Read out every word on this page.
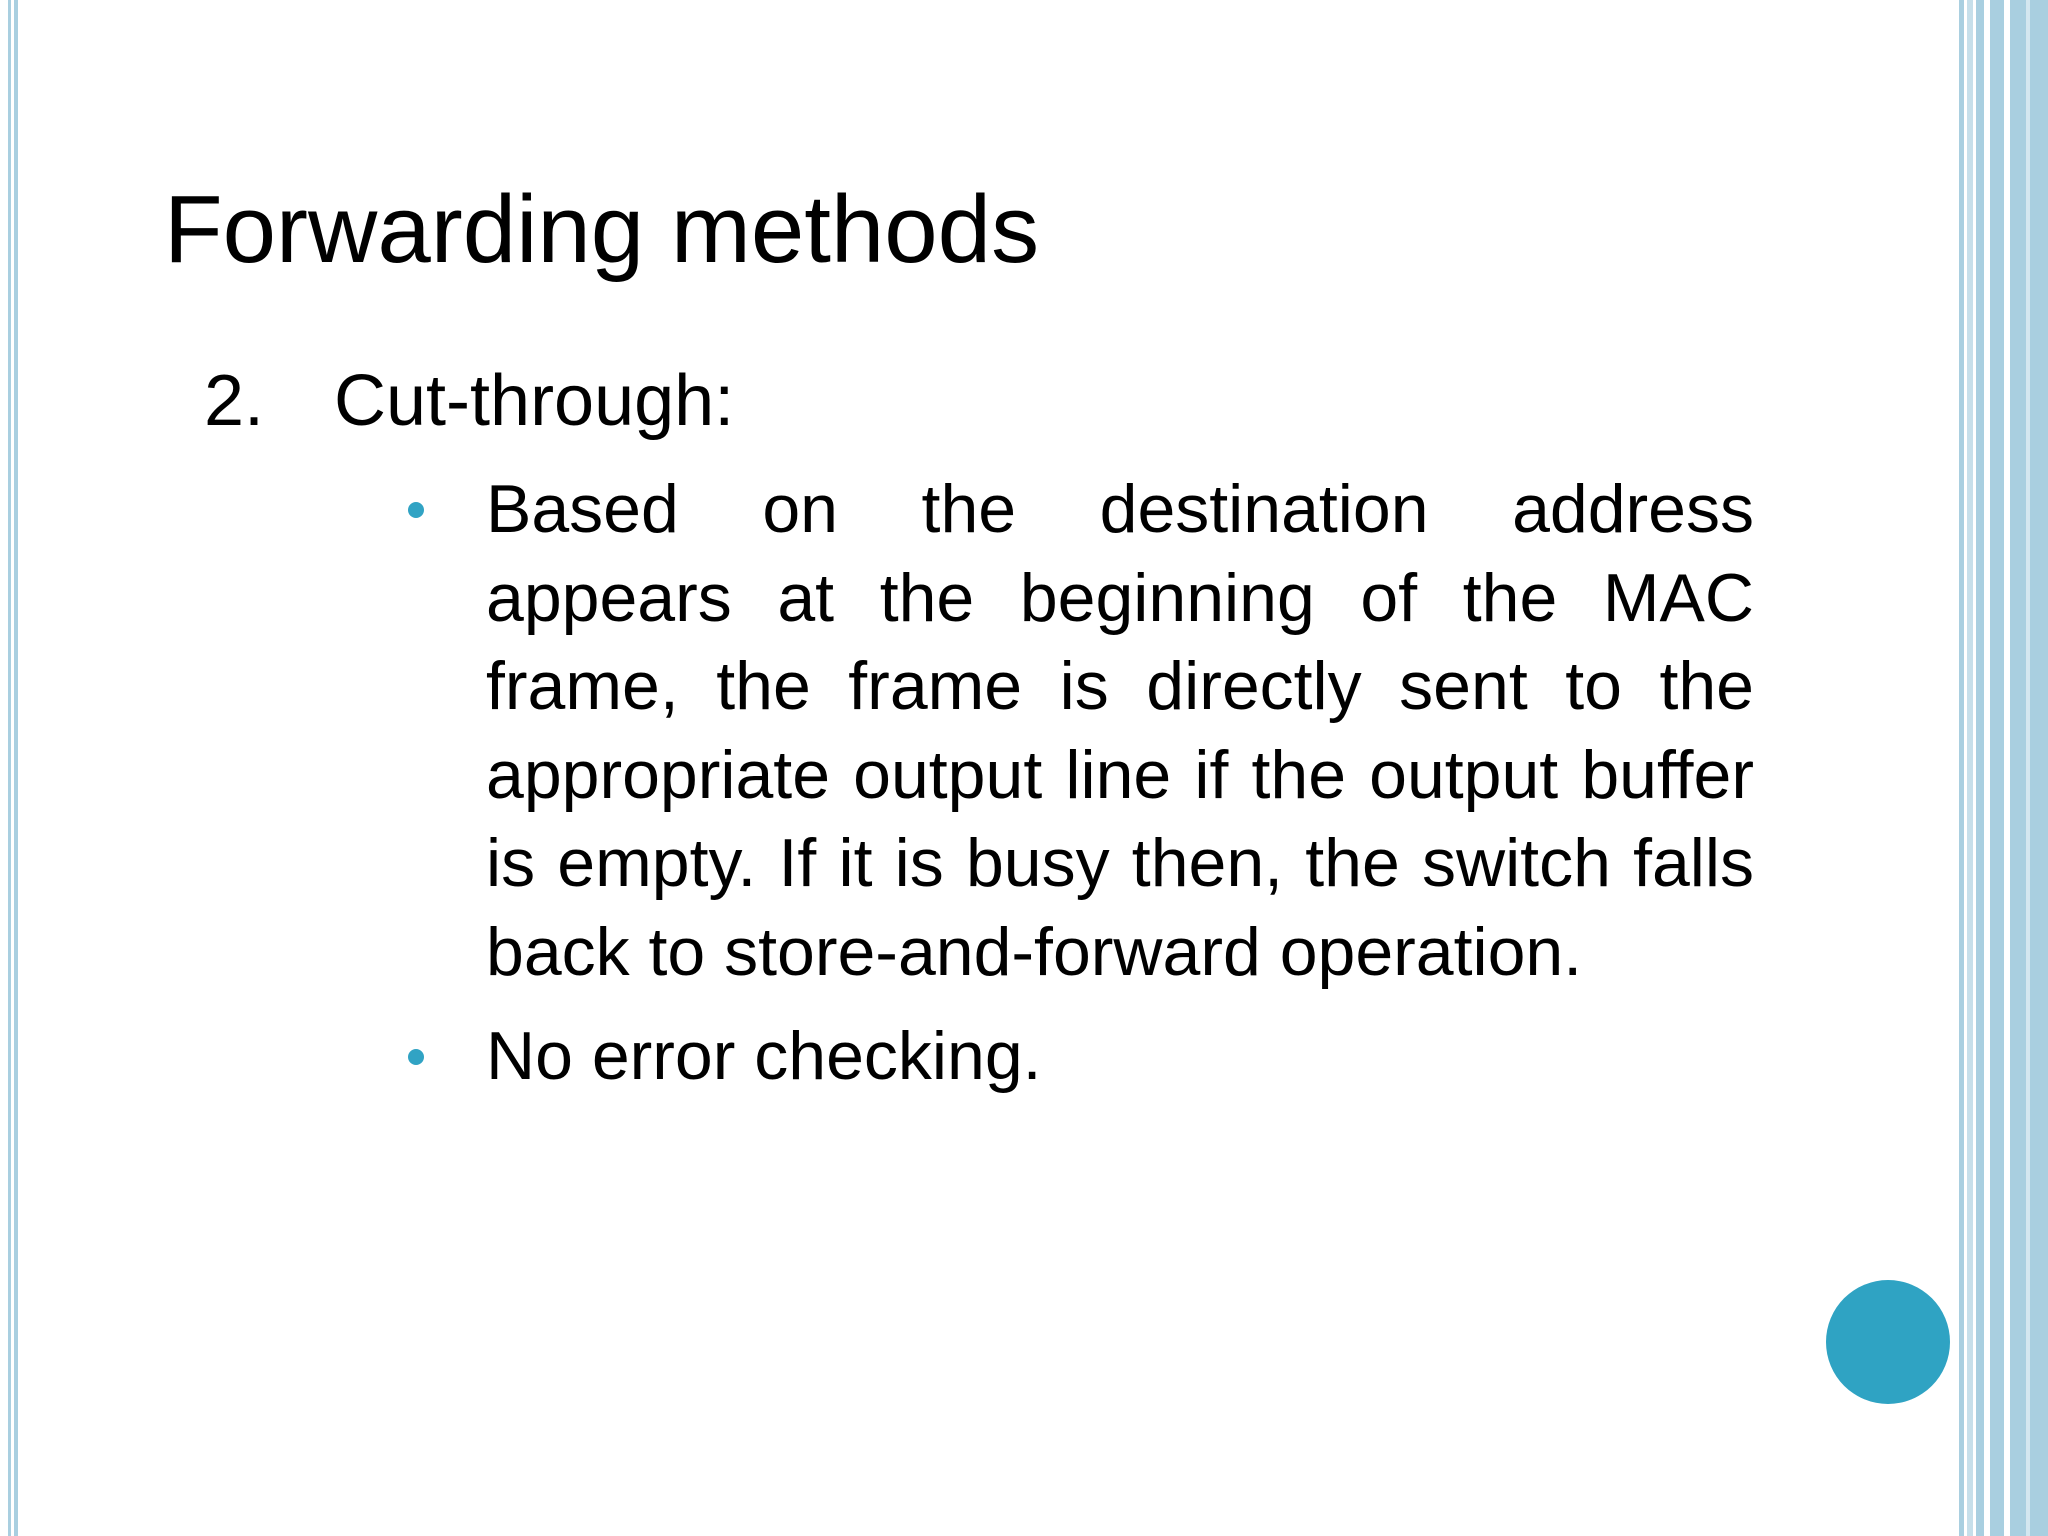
Forwarding methods
2. Cut-through:
Based on the destination address appears at the beginning of the MAC frame, the frame is directly sent to the appropriate output line if the output buffer is empty. If it is busy then, the switch falls back to store-and-forward operation.
No error checking.
